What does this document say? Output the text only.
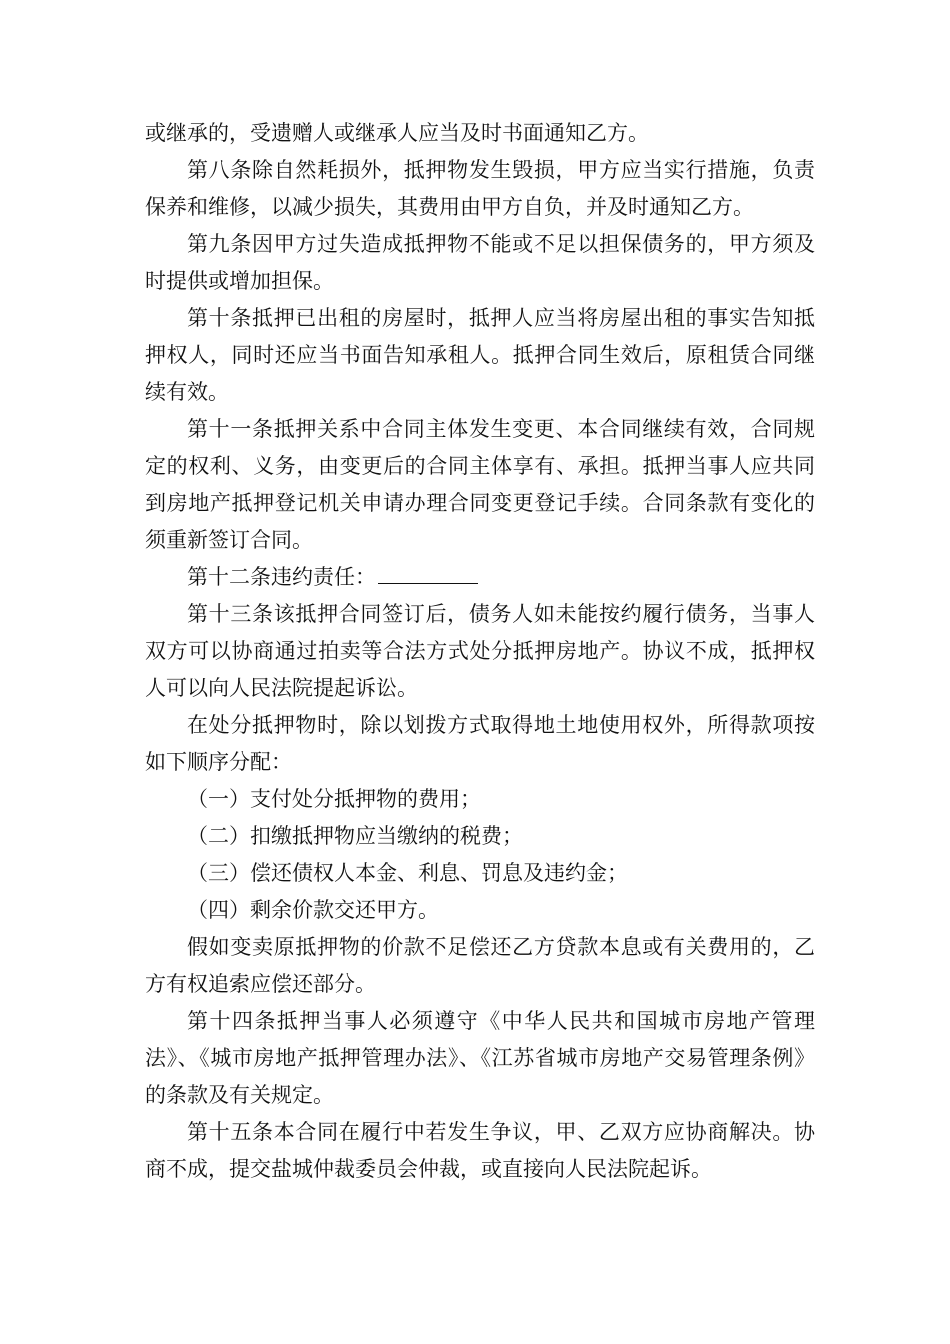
或继承的，受遗赠人或继承人应当及时书面通知乙方。

第八条除自然耗损外，抵押物发生毁损，甲方应当实行措施，负责保养和维修，以减少损失，其费用由甲方自负，并及时通知乙方。

第九条因甲方过失造成抵押物不能或不足以担保债务的，甲方须及时提供或增加担保。

第十条抵押已出租的房屋时，抵押人应当将房屋出租的事实告知抵押权人，同时还应当书面告知承租人。抵押合同生效后，原租赁合同继续有效。

第十一条抵押关系中合同主体发生变更、本合同继续有效，合同规定的权利、义务，由变更后的合同主体享有、承担。抵押当事人应共同到房地产抵押登记机关申请办理合同变更登记手续。合同条款有变化的须重新签订合同。

第十二条违约责任：

第十三条该抵押合同签订后，债务人如未能按约履行债务，当事人双方可以协商通过拍卖等合法方式处分抵押房地产。协议不成，抵押权人可以向人民法院提起诉讼。

在处分抵押物时，除以划拨方式取得地土地使用权外，所得款项按如下顺序分配：

（一）支付处分抵押物的费用；

（二）扣缴抵押物应当缴纳的税费；

（三）偿还债权人本金、利息、罚息及违约金；

（四）剩余价款交还甲方。

假如变卖原抵押物的价款不足偿还乙方贷款本息或有关费用的，乙方有权追索应偿还部分。

第十四条抵押当事人必须遵守《中华人民共和国城市房地产管理法》、《城市房地产抵押管理办法》、《江苏省城市房地产交易管理条例》的条款及有关规定。

第十五条本合同在履行中若发生争议，甲、乙双方应协商解决。协商不成，提交盐城仲裁委员会仲裁，或直接向人民法院起诉。
